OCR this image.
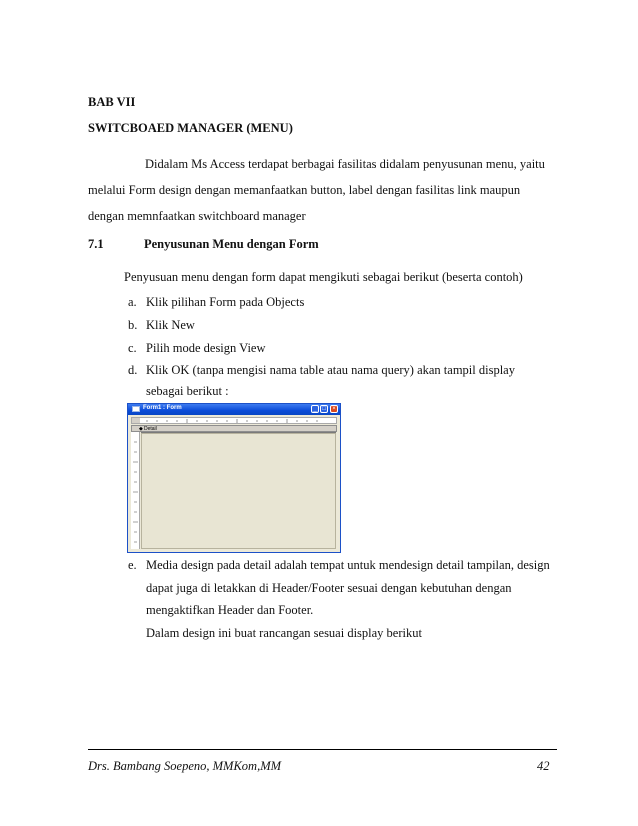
BAB VII
SWITCBOAED MANAGER (MENU)
Didalam Ms Access terdapat berbagai fasilitas didalam penyusunan menu, yaitu
melalui Form design dengan memanfaatkan button, label dengan fasilitas link maupun
dengan memnfaatkan switchboard manager
7.1	Penyusunan Menu dengan Form
Penyusuan menu dengan form dapat mengikuti sebagai berikut (beserta contoh)
a. Klik pilihan Form pada Objects
b. Klik New
c. Pilih mode design View
d. Klik OK (tanpa mengisi nama table atau nama query) akan tampil display
sebagai berikut :
Form1 : Form	_ □	×
◆ Detail
e. Media design pada detail adalah tempat untuk mendesign detail tampilan, design
dapat juga di letakkan di Header/Footer sesuai dengan kebutuhan dengan
mengaktifkan Header dan Footer.
Dalam design ini buat rancangan sesuai display berikut
Drs. Bambang Soepeno, MMKom,MM	42
